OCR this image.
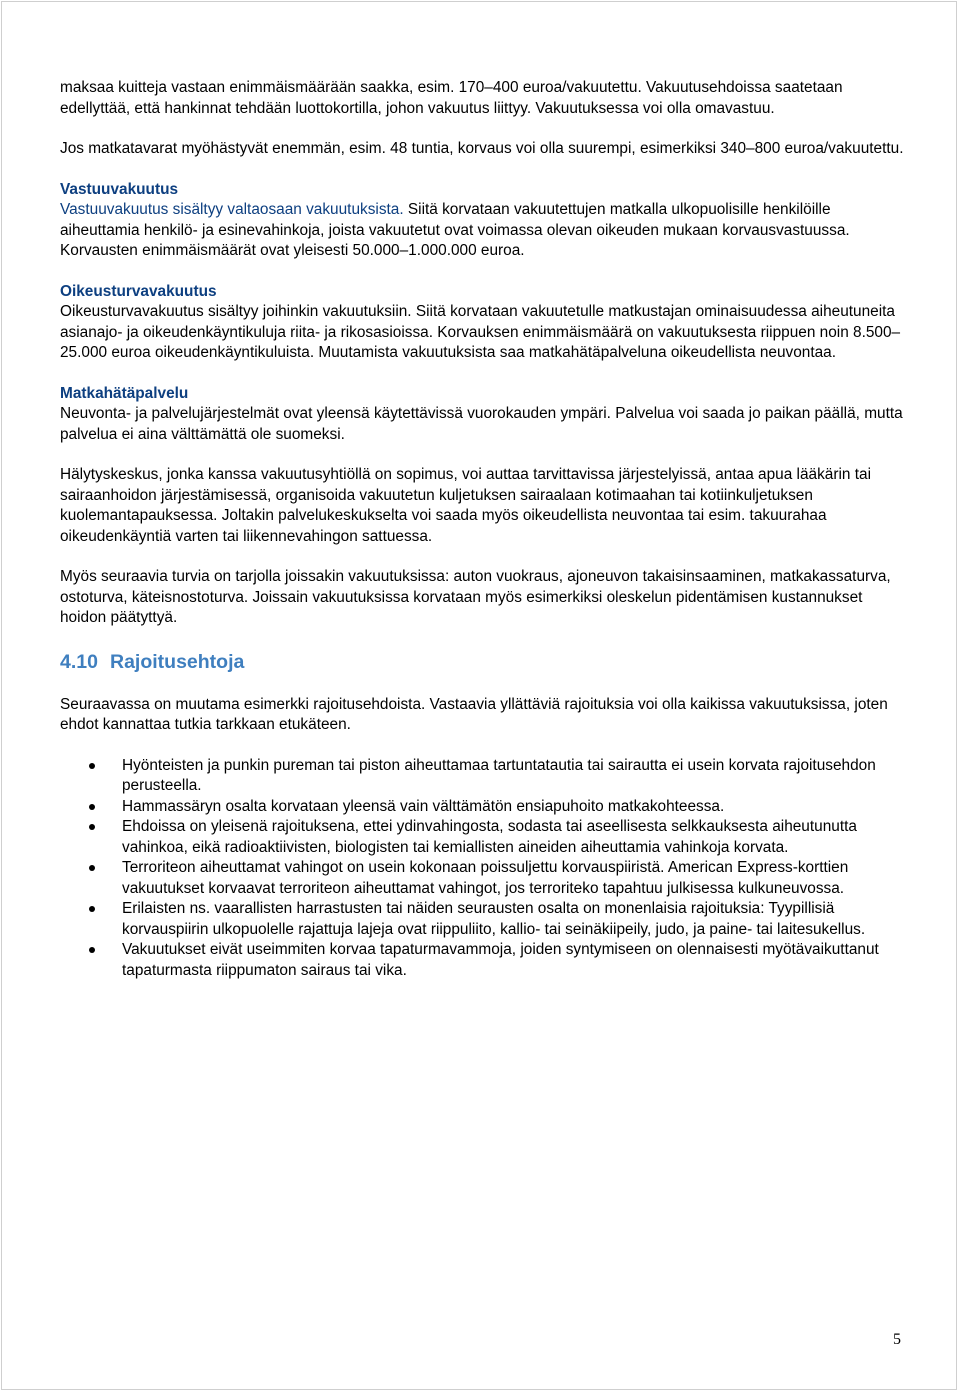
maksaa kuitteja vastaan enimmäismäärään saakka, esim. 170–400 euroa/vakuutettu. Vakuutusehdoissa saatetaan edellyttää, että hankinnat tehdään luottokortilla, johon vakuutus liittyy. Vakuutuksessa voi olla omavastuu.

Jos matkatavarat myöhästyvät enemmän, esim. 48 tuntia, korvaus voi olla suurempi, esimerkiksi 340–800 euroa/vakuutettu.

Vastuuvakuutus

Vastuuvakuutus sisältyy valtaosaan vakuutuksista. Siitä korvataan vakuutettujen matkalla ulkopuolisille henkilöille aiheuttamia henkilö- ja esinevahinkoja, joista vakuutetut ovat voimassa olevan oikeuden mukaan korvausvastuussa. Korvausten enimmäismäärät ovat yleisesti 50.000–1.000.000 euroa.

Oikeusturvavakuutus

Oikeusturvavakuutus sisältyy joihinkin vakuutuksiin. Siitä korvataan vakuutetulle matkustajan ominaisuudessa aiheutuneita asianajo- ja oikeudenkäyntikuluja riita- ja rikosasioissa. Korvauksen enimmäismäärä on vakuutuksesta riippuen noin 8.500–25.000 euroa oikeudenkäyntikuluista. Muutamista vakuutuksista saa matkahätäpalveluna oikeudellista neuvontaa.

Matkahätäpalvelu

Neuvonta- ja palvelujärjestelmät ovat yleensä käytettävissä vuorokauden ympäri. Palvelua voi saada jo paikan päällä, mutta palvelua ei aina välttämättä ole suomeksi.

Hälytyskeskus, jonka kanssa vakuutusyhtiöllä on sopimus, voi auttaa tarvittavissa järjestelyissä, antaa apua lääkärin tai sairaanhoidon järjestämisessä, organisoida vakuutetun kuljetuksen sairaalaan kotimaahan tai kotiinkuljetuksen kuolemantapauksessa. Joltakin palvelukeskukselta voi saada myös oikeudellista neuvontaa tai esim. takuurahaa oikeudenkäyntiä varten tai liikennevahingon sattuessa.

Myös seuraavia turvia on tarjolla joissakin vakuutuksissa: auton vuokraus, ajoneuvon takaisinsaaminen, matkakassaturva, ostoturva, käteisnostoturva. Joissain vakuutuksissa korvataan myös esimerkiksi oleskelun pidentämisen kustannukset hoidon päätyttyä.

4.10 Rajoitusehtoja

Seuraavassa on muutama esimerkki rajoitusehdoista. Vastaavia yllättäviä rajoituksia voi olla kaikissa vakuutuksissa, joten ehdot kannattaa tutkia tarkkaan etukäteen.

Hyönteisten ja punkin pureman tai piston aiheuttamaa tartuntatautia tai sairautta ei usein korvata rajoitusehdon perusteella.
Hammassäryn osalta korvataan yleensä vain välttämätön ensiapuhoito matkakohteessa.
Ehdoissa on yleisenä rajoituksena, ettei ydinvahingosta, sodasta tai aseellisesta selkkauksesta aiheutunutta vahinkoa, eikä radioaktiivisten, biologisten tai kemiallisten aineiden aiheuttamia vahinkoja korvata.
Terroriteon aiheuttamat vahingot on usein kokonaan poissuljettu korvauspiiristä. American Express-korttien vakuutukset korvaavat terroriteon aiheuttamat vahingot, jos terroriteko tapahtuu julkisessa kulkuneuvossa.
Erilaisten ns. vaarallisten harrastusten tai näiden seurausten osalta on monenlaisia rajoituksia: Tyypillisiä korvauspiirin ulkopuolelle rajattuja lajeja ovat riippuliito, kallio- tai seinäkiipeily, judo, ja paine- tai laitesukellus.
Vakuutukset eivät useimmiten korvaa tapaturmavammoja, joiden syntymiseen on olennaisesti myötävaikuttanut tapaturmasta riippumaton sairaus tai vika.
5
